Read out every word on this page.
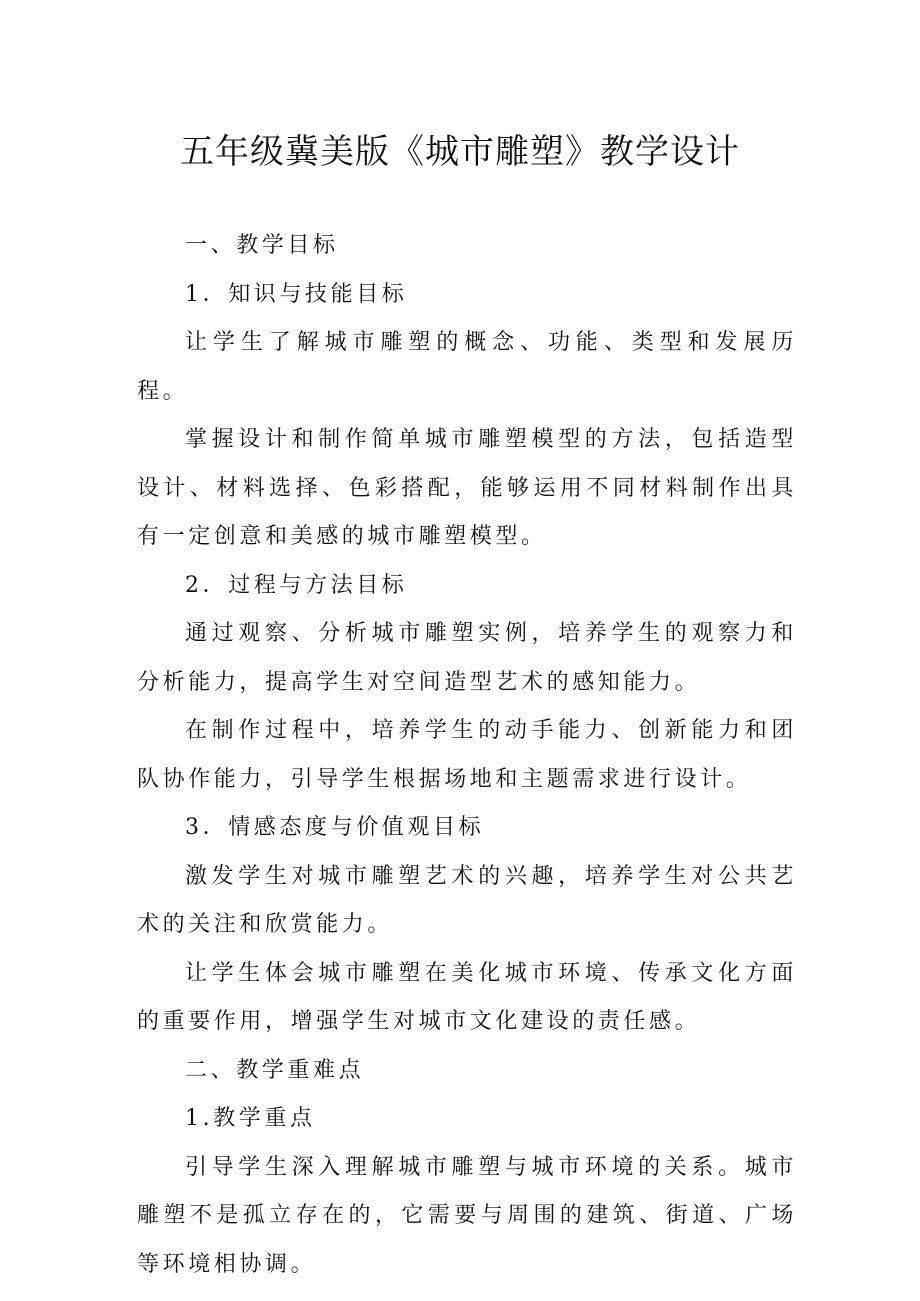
五年级冀美版《城市雕塑》教学设计

一、教学目标

1．知识与技能目标

让学生了解城市雕塑的概念、功能、类型和发展历程。

掌握设计和制作简单城市雕塑模型的方法，包括造型设计、材料选择、色彩搭配，能够运用不同材料制作出具有一定创意和美感的城市雕塑模型。

2．过程与方法目标

通过观察、分析城市雕塑实例，培养学生的观察力和分析能力，提高学生对空间造型艺术的感知能力。

在制作过程中，培养学生的动手能力、创新能力和团队协作能力，引导学生根据场地和主题需求进行设计。

3．情感态度与价值观目标

激发学生对城市雕塑艺术的兴趣，培养学生对公共艺术的关注和欣赏能力。

让学生体会城市雕塑在美化城市环境、传承文化方面的重要作用，增强学生对城市文化建设的责任感。

二、教学重难点

1.教学重点

引导学生深入理解城市雕塑与城市环境的关系。城市雕塑不是孤立存在的，它需要与周围的建筑、街道、广场等环境相协调。
